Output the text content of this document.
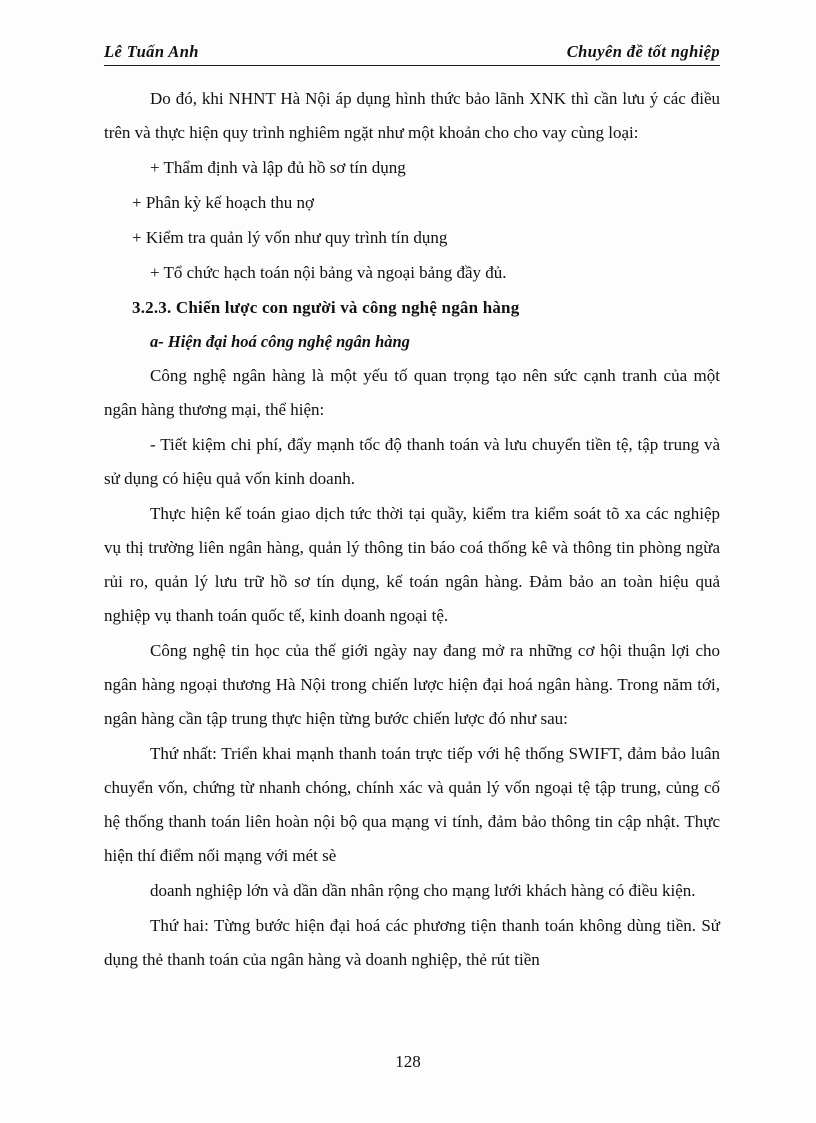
Lê Tuấn Anh	Chuyên đề tốt nghiệp

Do đó, khi NHNT Hà Nội áp dụng hình thức bảo lãnh XNK thì cần lưu ý các điều trên và thực hiện quy trình nghiêm ngặt như một khoản cho cho vay cùng loại:

+ Thẩm định và lập đủ hồ sơ tín dụng

+ Phân kỳ kế hoạch thu nợ

+ Kiểm tra quản lý vốn như quy trình tín dụng

+ Tổ chức hạch toán nội bảng và ngoại bảng đầy đủ.

3.2.3. Chiến lược con người và công nghệ ngân hàng

a- Hiện đại hoá công nghệ ngân hàng

Công nghệ ngân hàng là một yếu tố quan trọng tạo nên sức cạnh tranh của một ngân hàng thương mại, thể hiện:

- Tiết kiệm chi phí, đẩy mạnh tốc độ thanh toán và lưu chuyển tiền tệ, tập trung và sử dụng có hiệu quả vốn kinh doanh.

Thực hiện kế toán giao dịch tức thời tại quầy, kiểm tra kiểm soát tõ xa các nghiệp vụ thị trường liên ngân hàng, quản lý thông tin báo coá thống kê và thông tin phòng ngừa rủi ro, quản lý lưu trữ hồ sơ tín dụng, kế toán ngân hàng. Đảm bảo an toàn hiệu quả nghiệp vụ thanh toán quốc tế, kinh doanh ngoại tệ.

Công nghệ tin học của thế giới ngày nay đang mở ra những cơ hội thuận lợi cho ngân hàng ngoại thương Hà Nội trong chiến lược hiện đại hoá ngân hàng. Trong năm tới, ngân hàng cần tập trung thực hiện từng bước chiến lược đó như sau:

Thứ nhất: Triển khai mạnh thanh toán trực tiếp với hệ thống SWIFT, đảm bảo luân chuyển vốn, chứng từ nhanh chóng, chính xác và quản lý vốn ngoại tệ tập trung, củng cố hệ thống thanh toán liên hoàn nội bộ qua mạng vi tính, đảm bảo thông tin cập nhật. Thực hiện thí điểm nối mạng với mét sè

doanh nghiệp lớn và dần dần nhân rộng cho mạng lưới khách hàng có điều kiện.

Thứ hai: Từng bước hiện đại hoá các phương tiện thanh toán không dùng tiền. Sử dụng thẻ thanh toán của ngân hàng và doanh nghiệp, thẻ rút tiền

128
